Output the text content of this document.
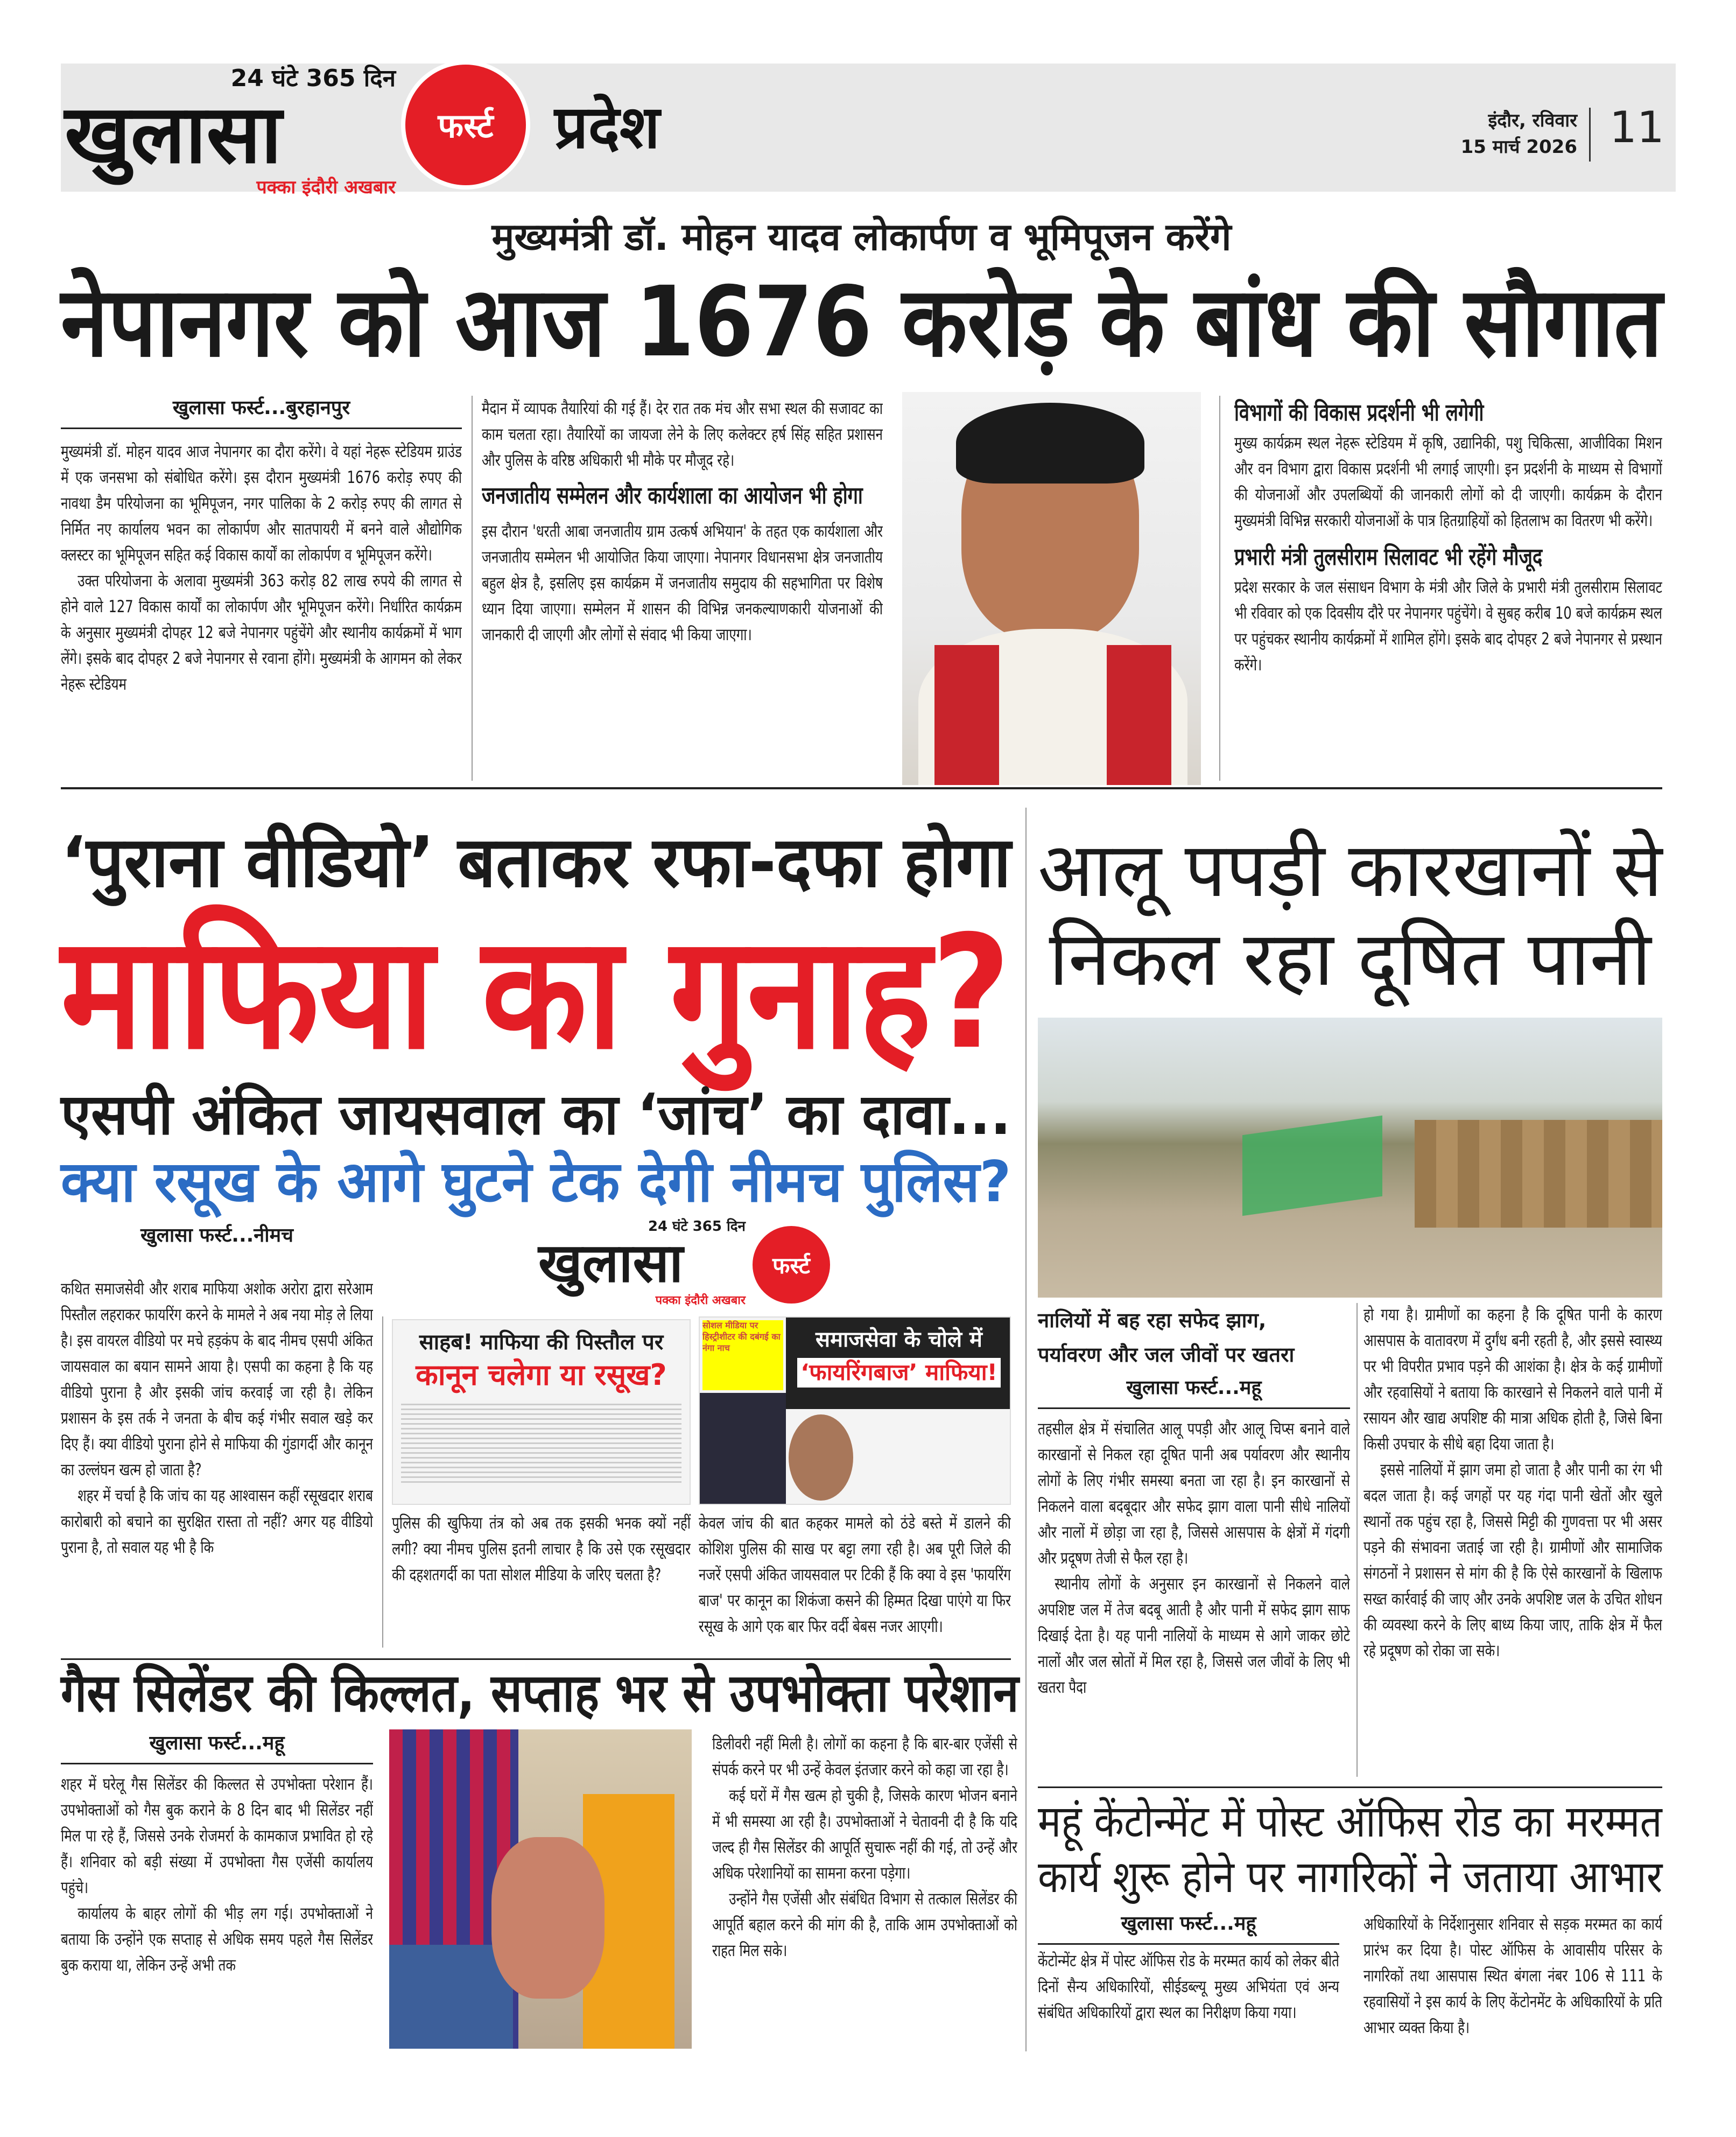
24 घंटे 365 दिन
खुलासा
पक्का इंदौरी अखबार
फर्स्ट प्रदेश	इंदौर, रविवार
15 मार्च 2026 11
मुख्यमंत्री डॉ. मोहन यादव लोकार्पण व भूमिपूजन करेंगे
नेपानगर को आज 1676 करोड़ के बांध की सौगात
खुलासा फर्स्ट...बुरहानपुर

मुख्यमंत्री डॉ. मोहन यादव आज नेपानगर का दौरा करेंगे। वे यहां नेहरू स्टेडियम ग्राउंड में एक जनसभा को संबोधित करेंगे। इस दौरान मुख्यमंत्री 1676 करोड़ रुपए की नावथा डैम परियोजना का भूमिपूजन, नगर पालिका के 2 करोड़ रुपए की लागत से निर्मित नए कार्यालय भवन का लोकार्पण और सातपायरी में बनने वाले औद्योगिक क्लस्टर का भूमिपूजन सहित कई विकास कार्यों का लोकार्पण व भूमिपूजन करेंगे।

उक्त परियोजना के अलावा मुख्यमंत्री 363 करोड़ 82 लाख रुपये की लागत से होने वाले 127 विकास कार्यों का लोकार्पण और भूमिपूजन करेंगे। निर्धारित कार्यक्रम के अनुसार मुख्यमंत्री दोपहर 12 बजे नेपानगर पहुंचेंगे और स्थानीय कार्यक्रमों में भाग लेंगे। इसके बाद दोपहर 2 बजे नेपानगर से रवाना होंगे। मुख्यमंत्री के आगमन को लेकर नेहरू स्टेडियम

मैदान में व्यापक तैयारियां की गई हैं। देर रात तक मंच और सभा स्थल की सजावट का काम चलता रहा। तैयारियों का जायजा लेने के लिए कलेक्टर हर्ष सिंह सहित प्रशासन और पुलिस के वरिष्ठ अधिकारी भी मौके पर मौजूद रहे।

जनजातीय सम्मेलन और कार्यशाला का आयोजन भी होगा

इस दौरान 'धरती आबा जनजातीय ग्राम उत्कर्ष अभियान' के तहत एक कार्यशाला और जनजातीय सम्मेलन भी आयोजित किया जाएगा। नेपानगर विधानसभा क्षेत्र जनजातीय बहुल क्षेत्र है, इसलिए इस कार्यक्रम में जनजातीय समुदाय की सहभागिता पर विशेष ध्यान दिया जाएगा। सम्मेलन में शासन की विभिन्न जनकल्याणकारी योजनाओं की जानकारी दी जाएगी और लोगों से संवाद भी किया जाएगा।

विभागों की विकास प्रदर्शनी भी लगेगी

मुख्य कार्यक्रम स्थल नेहरू स्टेडियम में कृषि, उद्यानिकी, पशु चिकित्सा, आजीविका मिशन और वन विभाग द्वारा विकास प्रदर्शनी भी लगाई जाएगी। इन प्रदर्शनी के माध्यम से विभागों की योजनाओं और उपलब्धियों की जानकारी लोगों को दी जाएगी। कार्यक्रम के दौरान मुख्यमंत्री विभिन्न सरकारी योजनाओं के पात्र हितग्राहियों को हितलाभ का वितरण भी करेंगे।

प्रभारी मंत्री तुलसीराम सिलावट भी रहेंगे मौजूद

प्रदेश सरकार के जल संसाधन विभाग के मंत्री और जिले के प्रभारी मंत्री तुलसीराम सिलावट भी रविवार को एक दिवसीय दौरे पर नेपानगर पहुंचेंगे। वे सुबह करीब 10 बजे कार्यक्रम स्थल पर पहुंचकर स्थानीय कार्यक्रमों में शामिल होंगे। इसके बाद दोपहर 2 बजे नेपानगर से प्रस्थान करेंगे।

‘पुराना वीडियो’ बताकर रफा-दफा होगा
माफिया का गुनाह?
एसपी अंकित जायसवाल का ‘जांच’ का दावा...
क्या रसूख के आगे घुटने टेक देगी नीमच पुलिस?
खुलासा फर्स्ट...नीमच	24 घंटे 365 दिन
खुलासा
पक्का इंदौरी अखबार
फर्स्ट

कथित समाजसेवी और शराब माफिया अशोक अरोरा द्वारा सरेआम पिस्तौल लहराकर फायरिंग करने के मामले ने अब नया मोड़ ले लिया है। इस वायरल वीडियो पर मचे हड़कंप के बाद नीमच एसपी अंकित जायसवाल का बयान सामने आया है। एसपी का कहना है कि यह वीडियो पुराना है और इसकी जांच करवाई जा रही है। लेकिन प्रशासन के इस तर्क ने जनता के बीच कई गंभीर सवाल खड़े कर दिए हैं। क्या वीडियो पुराना होने से माफिया की गुंडागर्दी और कानून का उल्लंघन खत्म हो जाता है?

शहर में चर्चा है कि जांच का यह आश्वासन कहीं रसूखदार शराब कारोबारी को बचाने का सुरक्षित रास्ता तो नहीं? अगर यह वीडियो पुराना है, तो सवाल यह भी है कि

साहब! माफिया की पिस्तौल पर
कानून चलेगा या रसूख?
सोशल मीडिया पर हिस्ट्रीशीटर की दबंगई का नंगा नाच	समाजसेवा के चोले में
‘फायरिंगबाज’ माफिया!

पुलिस की खुफिया तंत्र को अब तक इसकी भनक क्यों नहीं लगी? क्या नीमच पुलिस इतनी लाचार है कि उसे एक रसूखदार की दहशतगर्दी का पता सोशल मीडिया के जरिए चलता है?

केवल जांच की बात कहकर मामले को ठंडे बस्ते में डालने की कोशिश पुलिस की साख पर बट्टा लगा रही है। अब पूरी जिले की नजरें एसपी अंकित जायसवाल पर टिकी हैं कि क्या वे इस 'फायरिंग बाज' पर कानून का शिकंजा कसने की हिम्मत दिखा पाएंगे या फिर रसूख के आगे एक बार फिर वर्दी बेबस नजर आएगी।

आलू पपड़ी कारखानों से
निकल रहा दूषित पानी
नालियों में बह रहा सफेद झाग,
पर्यावरण और जल जीवों पर खतरा
खुलासा फर्स्ट...महू

तहसील क्षेत्र में संचालित आलू पपड़ी और आलू चिप्स बनाने वाले कारखानों से निकल रहा दूषित पानी अब पर्यावरण और स्थानीय लोगों के लिए गंभीर समस्या बनता जा रहा है। इन कारखानों से निकलने वाला बदबूदार और सफेद झाग वाला पानी सीधे नालियों और नालों में छोड़ा जा रहा है, जिससे आसपास के क्षेत्रों में गंदगी और प्रदूषण तेजी से फैल रहा है।

स्थानीय लोगों के अनुसार इन कारखानों से निकलने वाले अपशिष्ट जल में तेज बदबू आती है और पानी में सफेद झाग साफ दिखाई देता है। यह पानी नालियों के माध्यम से आगे जाकर छोटे नालों और जल स्रोतों में मिल रहा है, जिससे जल जीवों के लिए भी खतरा पैदा

हो गया है। ग्रामीणों का कहना है कि दूषित पानी के कारण आसपास के वातावरण में दुर्गंध बनी रहती है, और इससे स्वास्थ्य पर भी विपरीत प्रभाव पड़ने की आशंका है। क्षेत्र के कई ग्रामीणों और रहवासियों ने बताया कि कारखाने से निकलने वाले पानी में रसायन और खाद्य अपशिष्ट की मात्रा अधिक होती है, जिसे बिना किसी उपचार के सीधे बहा दिया जाता है।

इससे नालियों में झाग जमा हो जाता है और पानी का रंग भी बदल जाता है। कई जगहों पर यह गंदा पानी खेतों और खुले स्थानों तक पहुंच रहा है, जिससे मिट्टी की गुणवत्ता पर भी असर पड़ने की संभावना जताई जा रही है। ग्रामीणों और सामाजिक संगठनों ने प्रशासन से मांग की है कि ऐसे कारखानों के खिलाफ सख्त कार्रवाई की जाए और उनके अपशिष्ट जल के उचित शोधन की व्यवस्था करने के लिए बाध्य किया जाए, ताकि क्षेत्र में फैल रहे प्रदूषण को रोका जा सके।

गैस सिलेंडर की किल्लत, सप्ताह भर से उपभोक्ता परेशान
खुलासा फर्स्ट...महू

शहर में घरेलू गैस सिलेंडर की किल्लत से उपभोक्ता परेशान हैं। उपभोक्ताओं को गैस बुक कराने के 8 दिन बाद भी सिलेंडर नहीं मिल पा रहे हैं, जिससे उनके रोजमर्रा के कामकाज प्रभावित हो रहे हैं। शनिवार को बड़ी संख्या में उपभोक्ता गैस एजेंसी कार्यालय पहुंचे।

कार्यालय के बाहर लोगों की भीड़ लग गई। उपभोक्ताओं ने बताया कि उन्होंने एक सप्ताह से अधिक समय पहले गैस सिलेंडर बुक कराया था, लेकिन उन्हें अभी तक

डिलीवरी नहीं मिली है। लोगों का कहना है कि बार-बार एजेंसी से संपर्क करने पर भी उन्हें केवल इंतजार करने को कहा जा रहा है।

कई घरों में गैस खत्म हो चुकी है, जिसके कारण भोजन बनाने में भी समस्या आ रही है। उपभोक्ताओं ने चेतावनी दी है कि यदि जल्द ही गैस सिलेंडर की आपूर्ति सुचारू नहीं की गई, तो उन्हें और अधिक परेशानियों का सामना करना पड़ेगा।

उन्होंने गैस एजेंसी और संबंधित विभाग से तत्काल सिलेंडर की आपूर्ति बहाल करने की मांग की है, ताकि आम उपभोक्ताओं को राहत मिल सके।

महूं केंटोन्मेंट में पोस्ट ऑफिस रोड का मरम्मत
कार्य शुरू होने पर नागरिकों ने जताया आभार
खुलासा फर्स्ट...महू

केंटोन्मेंट क्षेत्र में पोस्ट ऑफिस रोड के मरम्मत कार्य को लेकर बीते दिनों सैन्य अधिकारियों, सीईडब्ल्यू मुख्य अभियंता एवं अन्य संबंधित अधिकारियों द्वारा स्थल का निरीक्षण किया गया।

अधिकारियों के निर्देशानुसार शनिवार से सड़क मरम्मत का कार्य प्रारंभ कर दिया है। पोस्ट ऑफिस के आवासीय परिसर के नागरिकों तथा आसपास स्थित बंगला नंबर 106 से 111 के रहवासियों ने इस कार्य के लिए केंटोनमेंट के अधिकारियों के प्रति आभार व्यक्त किया है।
